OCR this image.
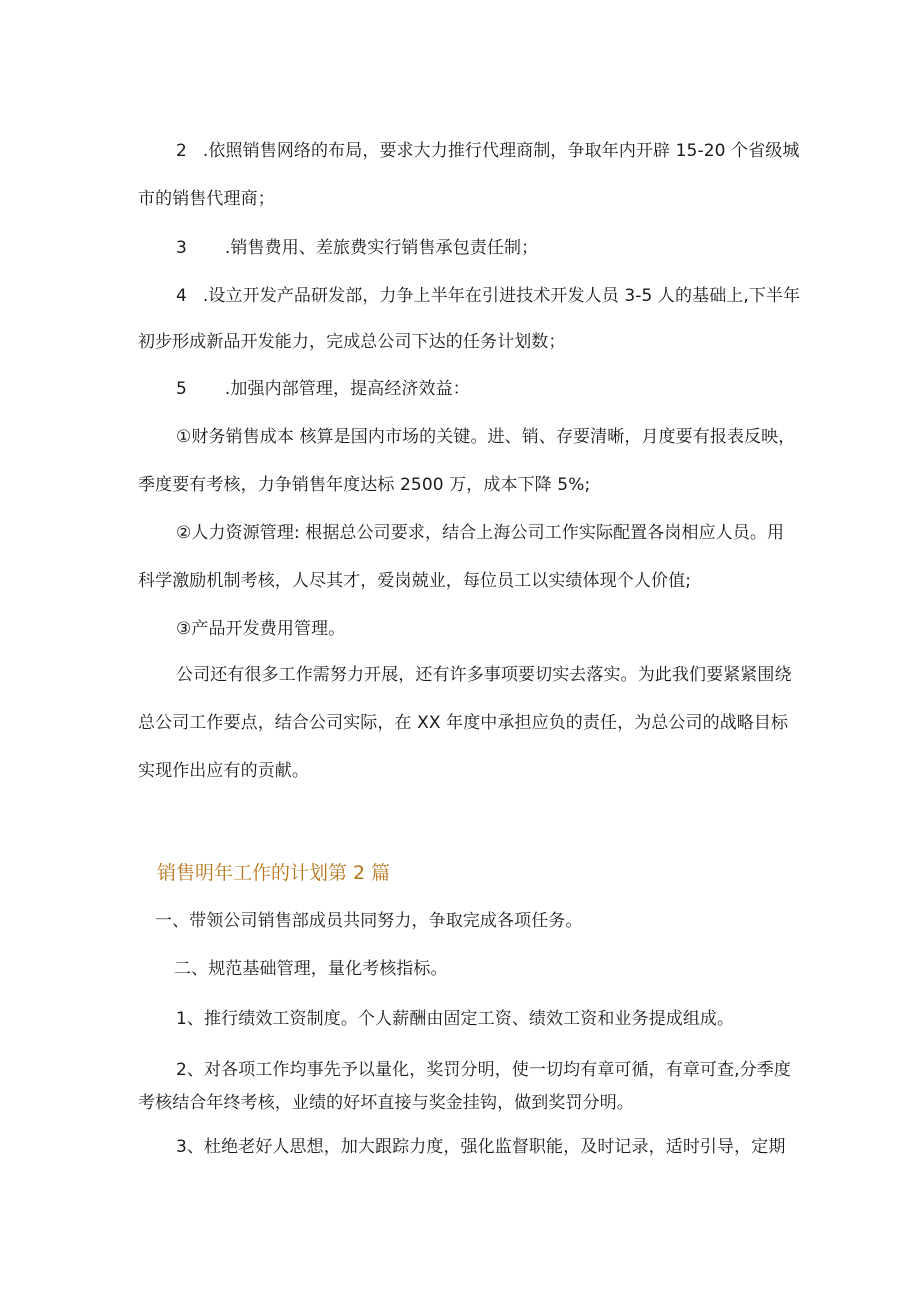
2 .依照销售网络的布局，要求大力推行代理商制，争取年内开辟 15-20 个省级城
市的销售代理商；
3 .销售费用、差旅费实行销售承包责任制；
4 .设立开发产品研发部，力争上半年在引进技术开发人员 3-5 人的基础上,下半年
初步形成新品开发能力，完成总公司下达的任务计划数；
5 .加强内部管理，提高经济效益：
①财务销售成本 核算是国内市场的关键。进、销、存要清晰，月度要有报表反映，
季度要有考核，力争销售年度达标 2500 万，成本下降 5%;
②人力资源管理: 根据总公司要求，结合上海公司工作实际配置各岗相应人员。用
科学激励机制考核，人尽其才，爱岗兢业，每位员工以实绩体现个人价值;
③产品开发费用管理。
公司还有很多工作需努力开展，还有许多事项要切实去落实。为此我们要紧紧围绕
总公司工作要点，结合公司实际，在 XX 年度中承担应负的责任，为总公司的战略目标
实现作出应有的贡献。
销售明年工作的计划第 2 篇
一、带领公司销售部成员共同努力，争取完成各项任务。
二、规范基础管理，量化考核指标。
1、推行绩效工资制度。个人薪酬由固定工资、绩效工资和业务提成组成。
2、对各项工作均事先予以量化，奖罚分明，使一切均有章可循，有章可查,分季度
考核结合年终考核，业绩的好坏直接与奖金挂钩，做到奖罚分明。
3、杜绝老好人思想，加大跟踪力度，强化监督职能，及时记录，适时引导，定期
